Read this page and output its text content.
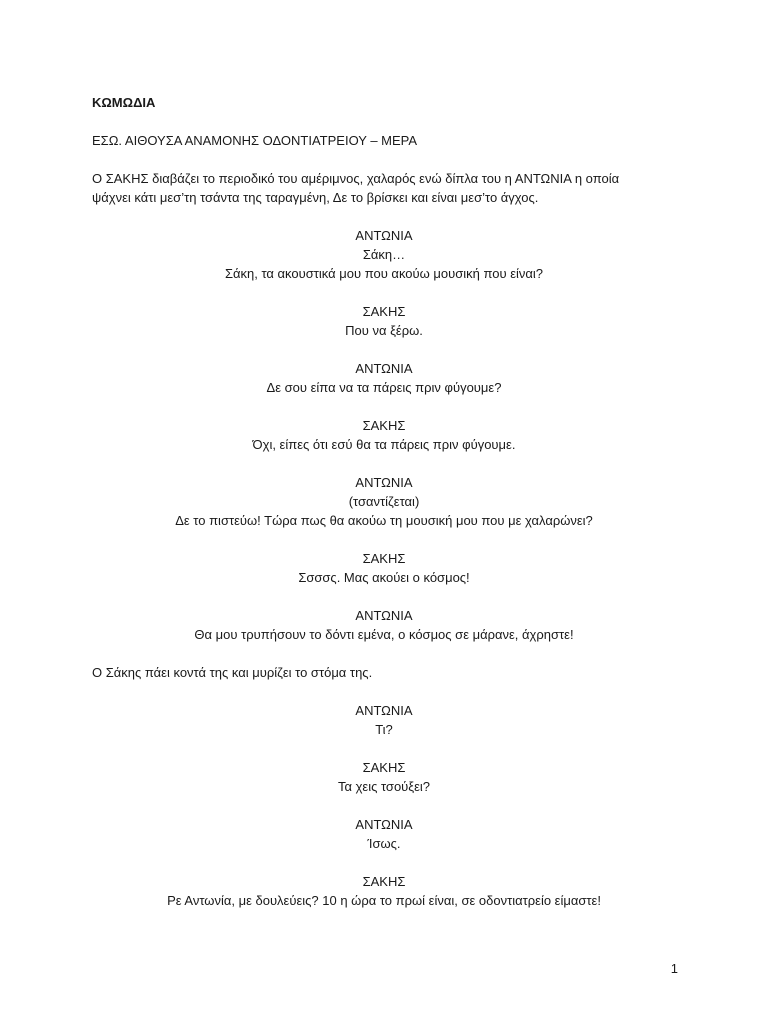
ΚΩΜΩΔΙΑ
ΕΣΩ. ΑΙΘΟΥΣΑ ΑΝΑΜΟΝΗΣ ΟΔΟΝΤΙΑΤΡΕΙΟΥ – ΜΕΡΑ
Ο ΣΑΚΗΣ διαβάζει το περιοδικό του αμέριμνος, χαλαρός ενώ δίπλα του η ΑΝΤΩΝΙΑ η οποία
ψάχνει κάτι μεσ’τη τσάντα της ταραγμένη, Δε το βρίσκει και είναι μεσ’το άγχος.
ΑΝΤΩΝΙΑ
Σάκη…
Σάκη, τα ακουστικά μου που ακούω μουσική που είναι?
ΣΑΚΗΣ
Που να ξέρω.
ΑΝΤΩΝΙΑ
Δε σου είπα να τα πάρεις πριν φύγουμε?
ΣΑΚΗΣ
Όχι, είπες ότι εσύ θα τα πάρεις πριν φύγουμε.
ΑΝΤΩΝΙΑ
(τσαντίζεται)
Δε το πιστεύω! Τώρα πως θα ακούω τη μουσική μου που με χαλαρώνει?
ΣΑΚΗΣ
Σσσσς. Μας ακούει ο κόσμος!
ΑΝΤΩΝΙΑ
Θα μου τρυπήσουν το δόντι εμένα, ο κόσμος σε μάρανε, άχρηστε!
Ο Σάκης πάει κοντά της και μυρίζει το στόμα της.
ΑΝΤΩΝΙΑ
Τι?
ΣΑΚΗΣ
Τα χεις τσούξει?
ΑΝΤΩΝΙΑ
Ίσως.
ΣΑΚΗΣ
Ρε Αντωνία, με δουλεύεις? 10 η ώρα το πρωί είναι, σε οδοντιατρείο είμαστε!
1
